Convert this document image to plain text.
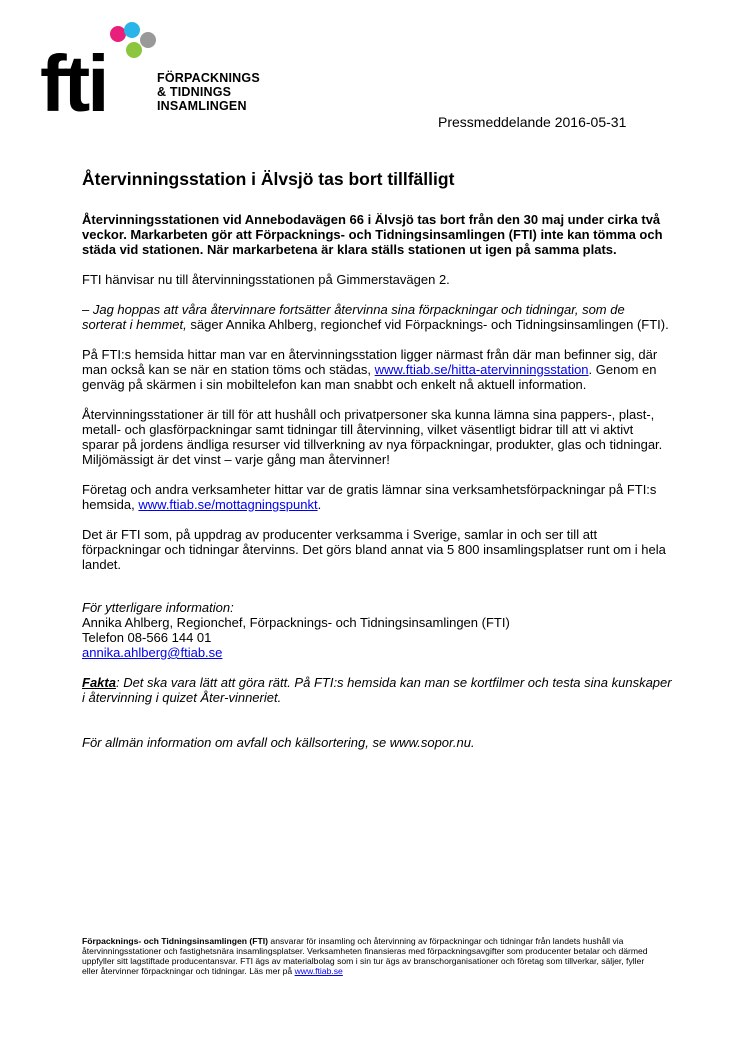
fti	FÖRPACKNINGS
& TIDNINGS
INSAMLINGEN
Pressmeddelande 2016-05-31
Återvinningsstation i Älvsjö tas bort tillfälligt

Återvinningsstationen vid Annebodavägen 66 i Älvsjö tas bort från den 30 maj under cirka två veckor. Markarbeten gör att Förpacknings- och Tidningsinsamlingen (FTI) inte kan tömma och städa vid stationen. När markarbetena är klara ställs stationen ut igen på samma plats.

FTI hänvisar nu till återvinningsstationen på Gimmerstavägen 2.

– Jag hoppas att våra återvinnare fortsätter återvinna sina förpackningar och tidningar, som de sorterat i hemmet, säger Annika Ahlberg, regionchef vid Förpacknings- och Tidningsinsamlingen (FTI).

På FTI:s hemsida hittar man var en återvinningsstation ligger närmast från där man befinner sig, där man också kan se när en station töms och städas, www.ftiab.se/hitta-atervinningsstation. Genom en genväg på skärmen i sin mobiltelefon kan man snabbt och enkelt nå aktuell information.

Återvinningsstationer är till för att hushåll och privatpersoner ska kunna lämna sina pappers-, plast-, metall- och glasförpackningar samt tidningar till återvinning, vilket väsentligt bidrar till att vi aktivt sparar på jordens ändliga resurser vid tillverkning av nya förpackningar, produkter, glas och tidningar. Miljömässigt är det vinst – varje gång man återvinner!

Företag och andra verksamheter hittar var de gratis lämnar sina verksamhetsförpackningar på FTI:s hemsida, www.ftiab.se/mottagningspunkt.

Det är FTI som, på uppdrag av producenter verksamma i Sverige, samlar in och ser till att förpackningar och tidningar återvinns. Det görs bland annat via 5 800 insamlingsplatser runt om i hela landet.

För ytterligare information:
Annika Ahlberg, Regionchef, Förpacknings- och Tidningsinsamlingen (FTI)
Telefon 08-566 144 01
annika.ahlberg@ftiab.se

Fakta: Det ska vara lätt att göra rätt. På FTI:s hemsida kan man se kortfilmer och testa sina kunskaper i återvinning i quizet Åter-vinneriet.

För allmän information om avfall och källsortering, se www.sopor.nu.

Förpacknings- och Tidningsinsamlingen (FTI) ansvarar för insamling och återvinning av förpackningar och tidningar från landets hushåll via återvinningsstationer och fastighetsnära insamlingsplatser. Verksamheten finansieras med förpackningsavgifter som producenter betalar och därmed uppfyller sitt lagstiftade producentansvar. FTI ägs av materialbolag som i sin tur ägs av branschorganisationer och företag som tillverkar, säljer, fyller eller återvinner förpackningar och tidningar. Läs mer på www.ftiab.se
